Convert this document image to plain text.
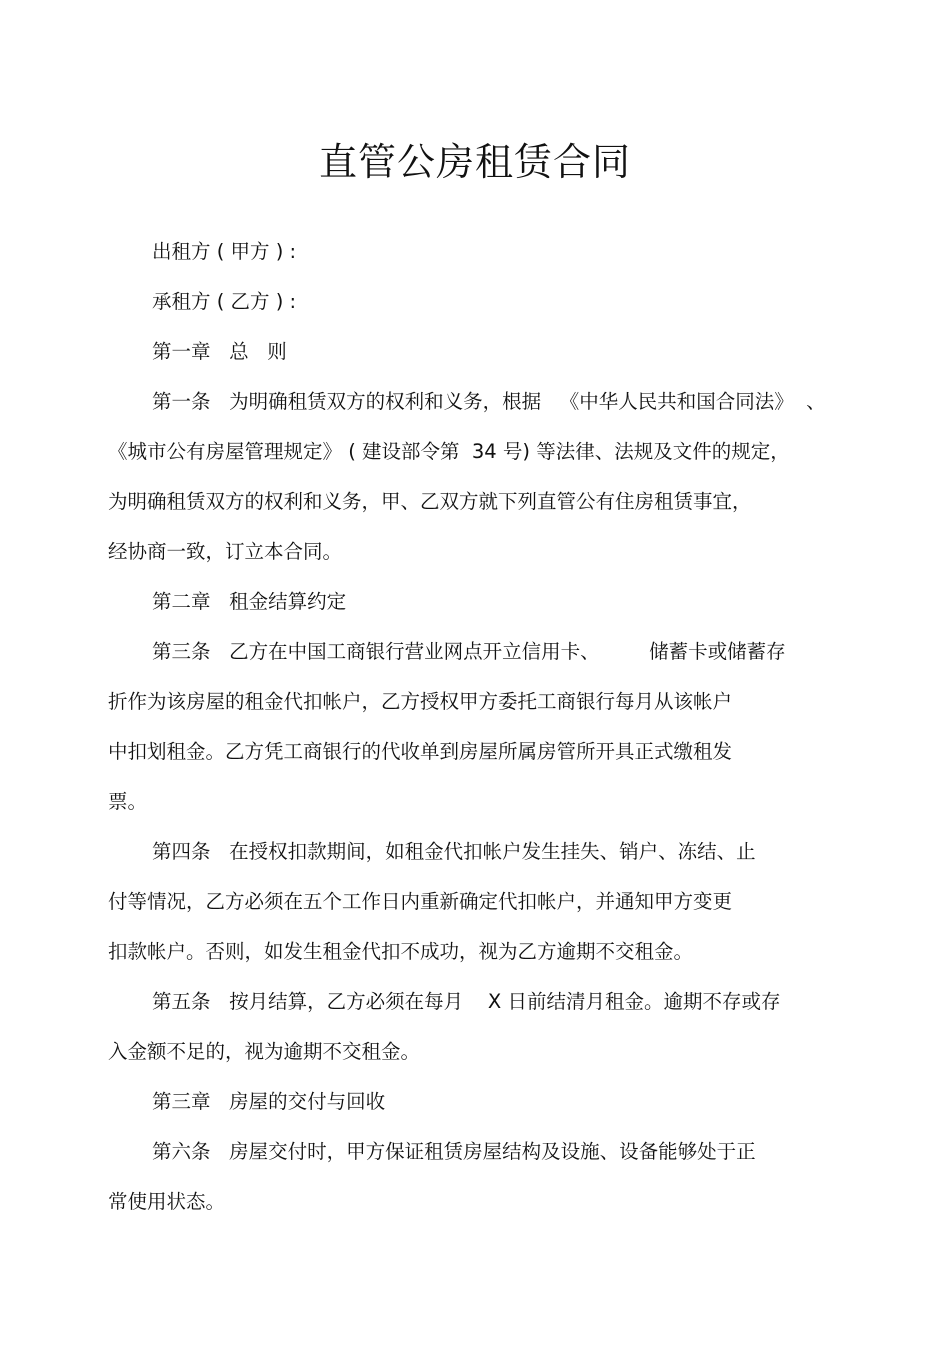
直管公房租赁合同
出租方 ( 甲方 ) :
承租方 ( 乙方 ) :
第一章   总   则
第一条   为明确租赁双方的权利和义务，根据   《中华人民共和国合同法》  、
《城市公有房屋管理规定》 ( 建设部令第  34 号) 等法律、法规及文件的规定，
为明确租赁双方的权利和义务，甲、乙双方就下列直管公有住房租赁事宜，
经协商一致，订立本合同。
第二章   租金结算约定
第三条   乙方在中国工商银行营业网点开立信用卡、        储蓄卡或储蓄存
折作为该房屋的租金代扣帐户，乙方授权甲方委托工商银行每月从该帐户
中扣划租金。乙方凭工商银行的代收单到房屋所属房管所开具正式缴租发
票。
第四条   在授权扣款期间，如租金代扣帐户发生挂失、销户、冻结、止
付等情况，乙方必须在五个工作日内重新确定代扣帐户，并通知甲方变更
扣款帐户。否则，如发生租金代扣不成功，视为乙方逾期不交租金。
第五条   按月结算，乙方必须在每月    X 日前结清月租金。逾期不存或存
入金额不足的，视为逾期不交租金。
第三章   房屋的交付与回收
第六条   房屋交付时，甲方保证租赁房屋结构及设施、设备能够处于正
常使用状态。
